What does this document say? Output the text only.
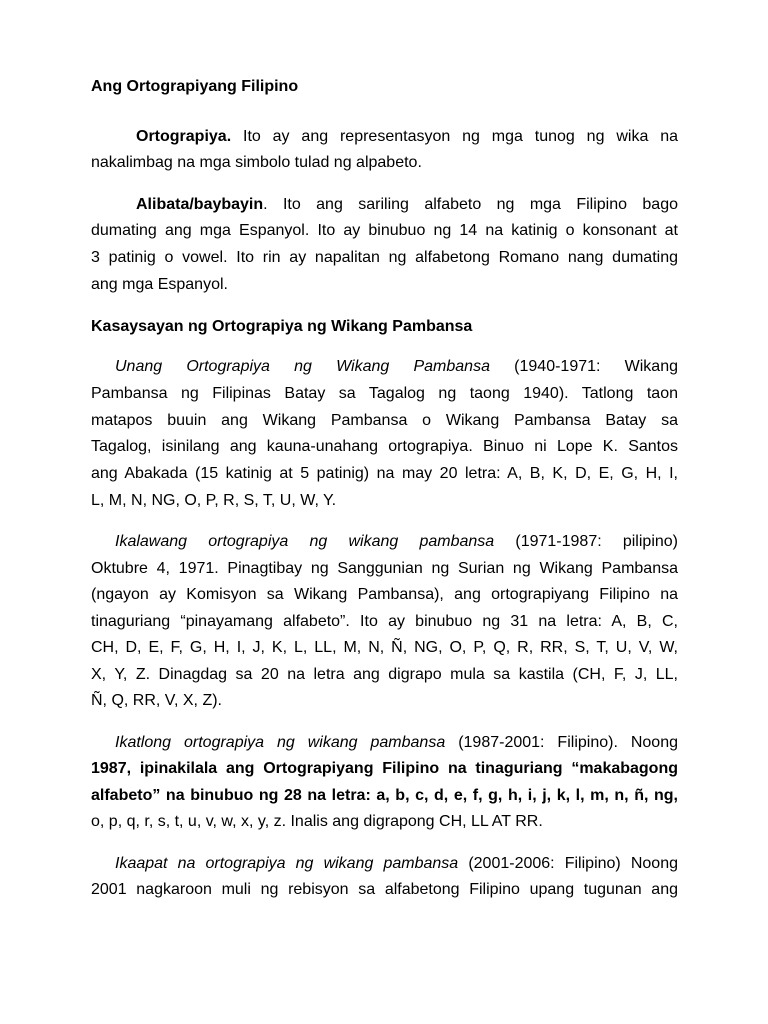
Ang Ortograpiyang Filipino
Ortograpiya. Ito ay ang representasyon ng mga tunog ng wika na
nakalimbag na mga simbolo tulad ng alpabeto.
Alibata/baybayin. Ito ang sariling alfabeto ng mga Filipino bago
dumating ang mga Espanyol. Ito ay binubuo ng 14 na katinig o konsonant at
3 patinig o vowel. Ito rin ay napalitan ng alfabetong Romano nang dumating
ang mga Espanyol.
Kasaysayan ng Ortograpiya ng Wikang Pambansa
Unang Ortograpiya ng Wikang Pambansa (1940-1971: Wikang
Pambansa ng Filipinas Batay sa Tagalog ng taong 1940). Tatlong taon
matapos buuin ang Wikang Pambansa o Wikang Pambansa Batay sa
Tagalog, isinilang ang kauna-unahang ortograpiya. Binuo ni Lope K. Santos
ang Abakada (15 katinig at 5 patinig) na may 20 letra: A, B, K, D, E, G, H, I,
L, M, N, NG, O, P, R, S, T, U, W, Y.
Ikalawang ortograpiya ng wikang pambansa (1971-1987: pilipino)
Oktubre 4, 1971. Pinagtibay ng Sanggunian ng Surian ng Wikang Pambansa
(ngayon ay Komisyon sa Wikang Pambansa), ang ortograpiyang Filipino na
tinaguriang “pinayamang alfabeto”. Ito ay binubuo ng 31 na letra: A, B, C,
CH, D, E, F, G, H, I, J, K, L, LL, M, N, Ñ, NG, O, P, Q, R, RR, S, T, U, V, W,
X, Y, Z. Dinagdag sa 20 na letra ang digrapo mula sa kastila (CH, F, J, LL,
Ñ, Q, RR, V, X, Z).
Ikatlong ortograpiya ng wikang pambansa (1987-2001: Filipino). Noong
1987, ipinakilala ang Ortograpiyang Filipino na tinaguriang “makabagong
alfabeto” na binubuo ng 28 na letra: a, b, c, d, e, f, g, h, i, j, k, l, m, n, ñ, ng,
o, p, q, r, s, t, u, v, w, x, y, z. Inalis ang digrapong CH, LL AT RR.
Ikaapat na ortograpiya ng wikang pambansa (2001-2006: Filipino) Noong
2001 nagkaroon muli ng rebisyon sa alfabetong Filipino upang tugunan ang
